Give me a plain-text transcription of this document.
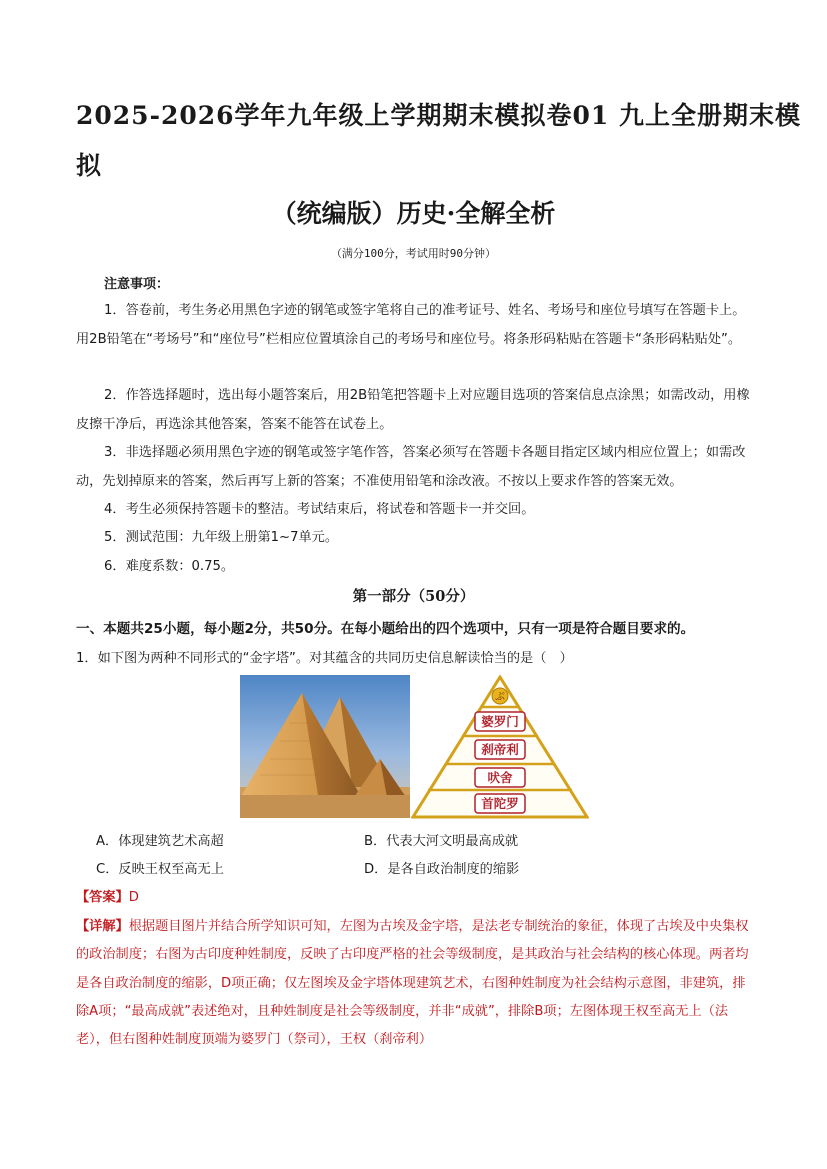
2025-2026学年九年级上学期期末模拟卷01 九上全册期末模
拟
（统编版）历史·全解全析
（满分100分，考试用时90分钟）
注意事项：
1．答卷前，考生务必用黑色字迹的钢笔或签字笔将自己的准考证号、姓名、考场号和座位号填写在答题卡上。用2B铅笔在“考场号”和“座位号”栏相应位置填涂自己的考场号和座位号。将条形码粘贴在答题卡“条形码粘贴处”。
2．作答选择题时，选出每小题答案后，用2B铅笔把答题卡上对应题目选项的答案信息点涂黑；如需改动，用橡皮擦干净后，再选涂其他答案，答案不能答在试卷上。
3．非选择题必须用黑色字迹的钢笔或签字笔作答，答案必须写在答题卡各题目指定区域内相应位置上；如需改动，先划掉原来的答案，然后再写上新的答案；不准使用铅笔和涂改液。不按以上要求作答的答案无效。
4．考生必须保持答题卡的整洁。考试结束后，将试卷和答题卡一并交回。
5．测试范围：九年级上册第1~7单元。
6．难度系数：0.75。
第一部分（50分）
一、本题共25小题，每小题2分，共50分。在每小题给出的四个选项中，只有一项是符合题目要求的。
1．如下图为两种不同形式的“金字塔”。对其蕴含的共同历史信息解读恰当的是（　）
ぷ
婆罗门
刹帝利
吠舍
首陀罗
A．体现建筑艺术高超	B．代表大河文明最高成就
C．反映王权至高无上	D．是各自政治制度的缩影
【答案】D
【详解】根据题目图片并结合所学知识可知，左图为古埃及金字塔，是法老专制统治的象征，体现了古埃及中央集权的政治制度；右图为古印度种姓制度，反映了古印度严格的社会等级制度，是其政治与社会结构的核心体现。两者均是各自政治制度的缩影，D项正确；仅左图埃及金字塔体现建筑艺术，右图种姓制度为社会结构示意图，非建筑，排除A项；“最高成就”表述绝对，且种姓制度是社会等级制度，并非“成就”，排除B项；左图体现王权至高无上（法老），但右图种姓制度顶端为婆罗门（祭司），王权（刹帝利）
